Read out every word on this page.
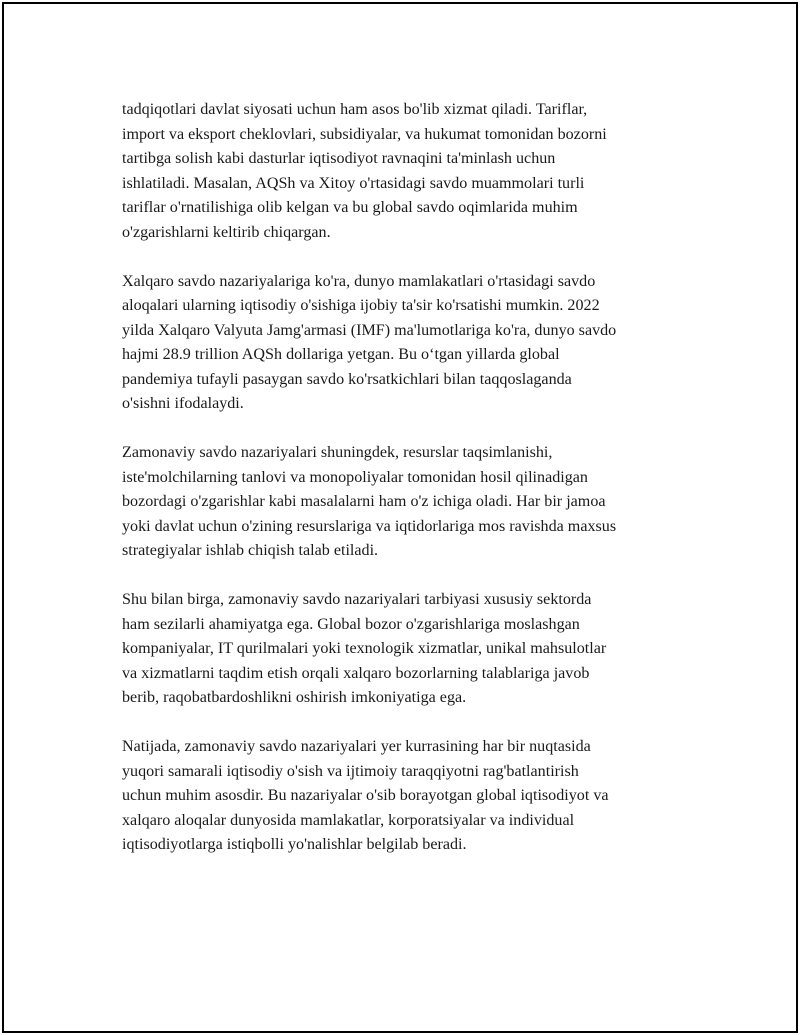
tadqiqotlari davlat siyosati uchun ham asos bo'lib xizmat qiladi. Tariflar,
import va eksport cheklovlari, subsidiyalar, va hukumat tomonidan bozorni
tartibga solish kabi dasturlar iqtisodiyot ravnaqini ta'minlash uchun
ishlatiladi. Masalan, AQSh va Xitoy o'rtasidagi savdo muammolari turli
tariflar o'rnatilishiga olib kelgan va bu global savdo oqimlarida muhim
o'zgarishlarni keltirib chiqargan.

Xalqaro savdo nazariyalariga ko'ra, dunyo mamlakatlari o'rtasidagi savdo
aloqalari ularning iqtisodiy o'sishiga ijobiy ta'sir ko'rsatishi mumkin. 2022
yilda Xalqaro Valyuta Jamg'armasi (IMF) ma'lumotlariga ko'ra, dunyo savdo
hajmi 28.9 trillion AQSh dollariga yetgan. Bu o‘tgan yillarda global
pandemiya tufayli pasaygan savdo ko'rsatkichlari bilan taqqoslaganda
o'sishni ifodalaydi.

Zamonaviy savdo nazariyalari shuningdek, resurslar taqsimlanishi,
iste'molchilarning tanlovi va monopoliyalar tomonidan hosil qilinadigan
bozordagi o'zgarishlar kabi masalalarni ham o'z ichiga oladi. Har bir jamoa
yoki davlat uchun o'zining resurslariga va iqtidorlariga mos ravishda maxsus
strategiyalar ishlab chiqish talab etiladi.

Shu bilan birga, zamonaviy savdo nazariyalari tarbiyasi xususiy sektorda
ham sezilarli ahamiyatga ega. Global bozor o'zgarishlariga moslashgan
kompaniyalar, IT qurilmalari yoki texnologik xizmatlar, unikal mahsulotlar
va xizmatlarni taqdim etish orqali xalqaro bozorlarning talablariga javob
berib, raqobatbardoshlikni oshirish imkoniyatiga ega.

Natijada, zamonaviy savdo nazariyalari yer kurrasining har bir nuqtasida
yuqori samarali iqtisodiy o'sish va ijtimoiy taraqqiyotni rag'batlantirish
uchun muhim asosdir. Bu nazariyalar o'sib borayotgan global iqtisodiyot va
xalqaro aloqalar dunyosida mamlakatlar, korporatsiyalar va individual
iqtisodiyotlarga istiqbolli yo'nalishlar belgilab beradi.
